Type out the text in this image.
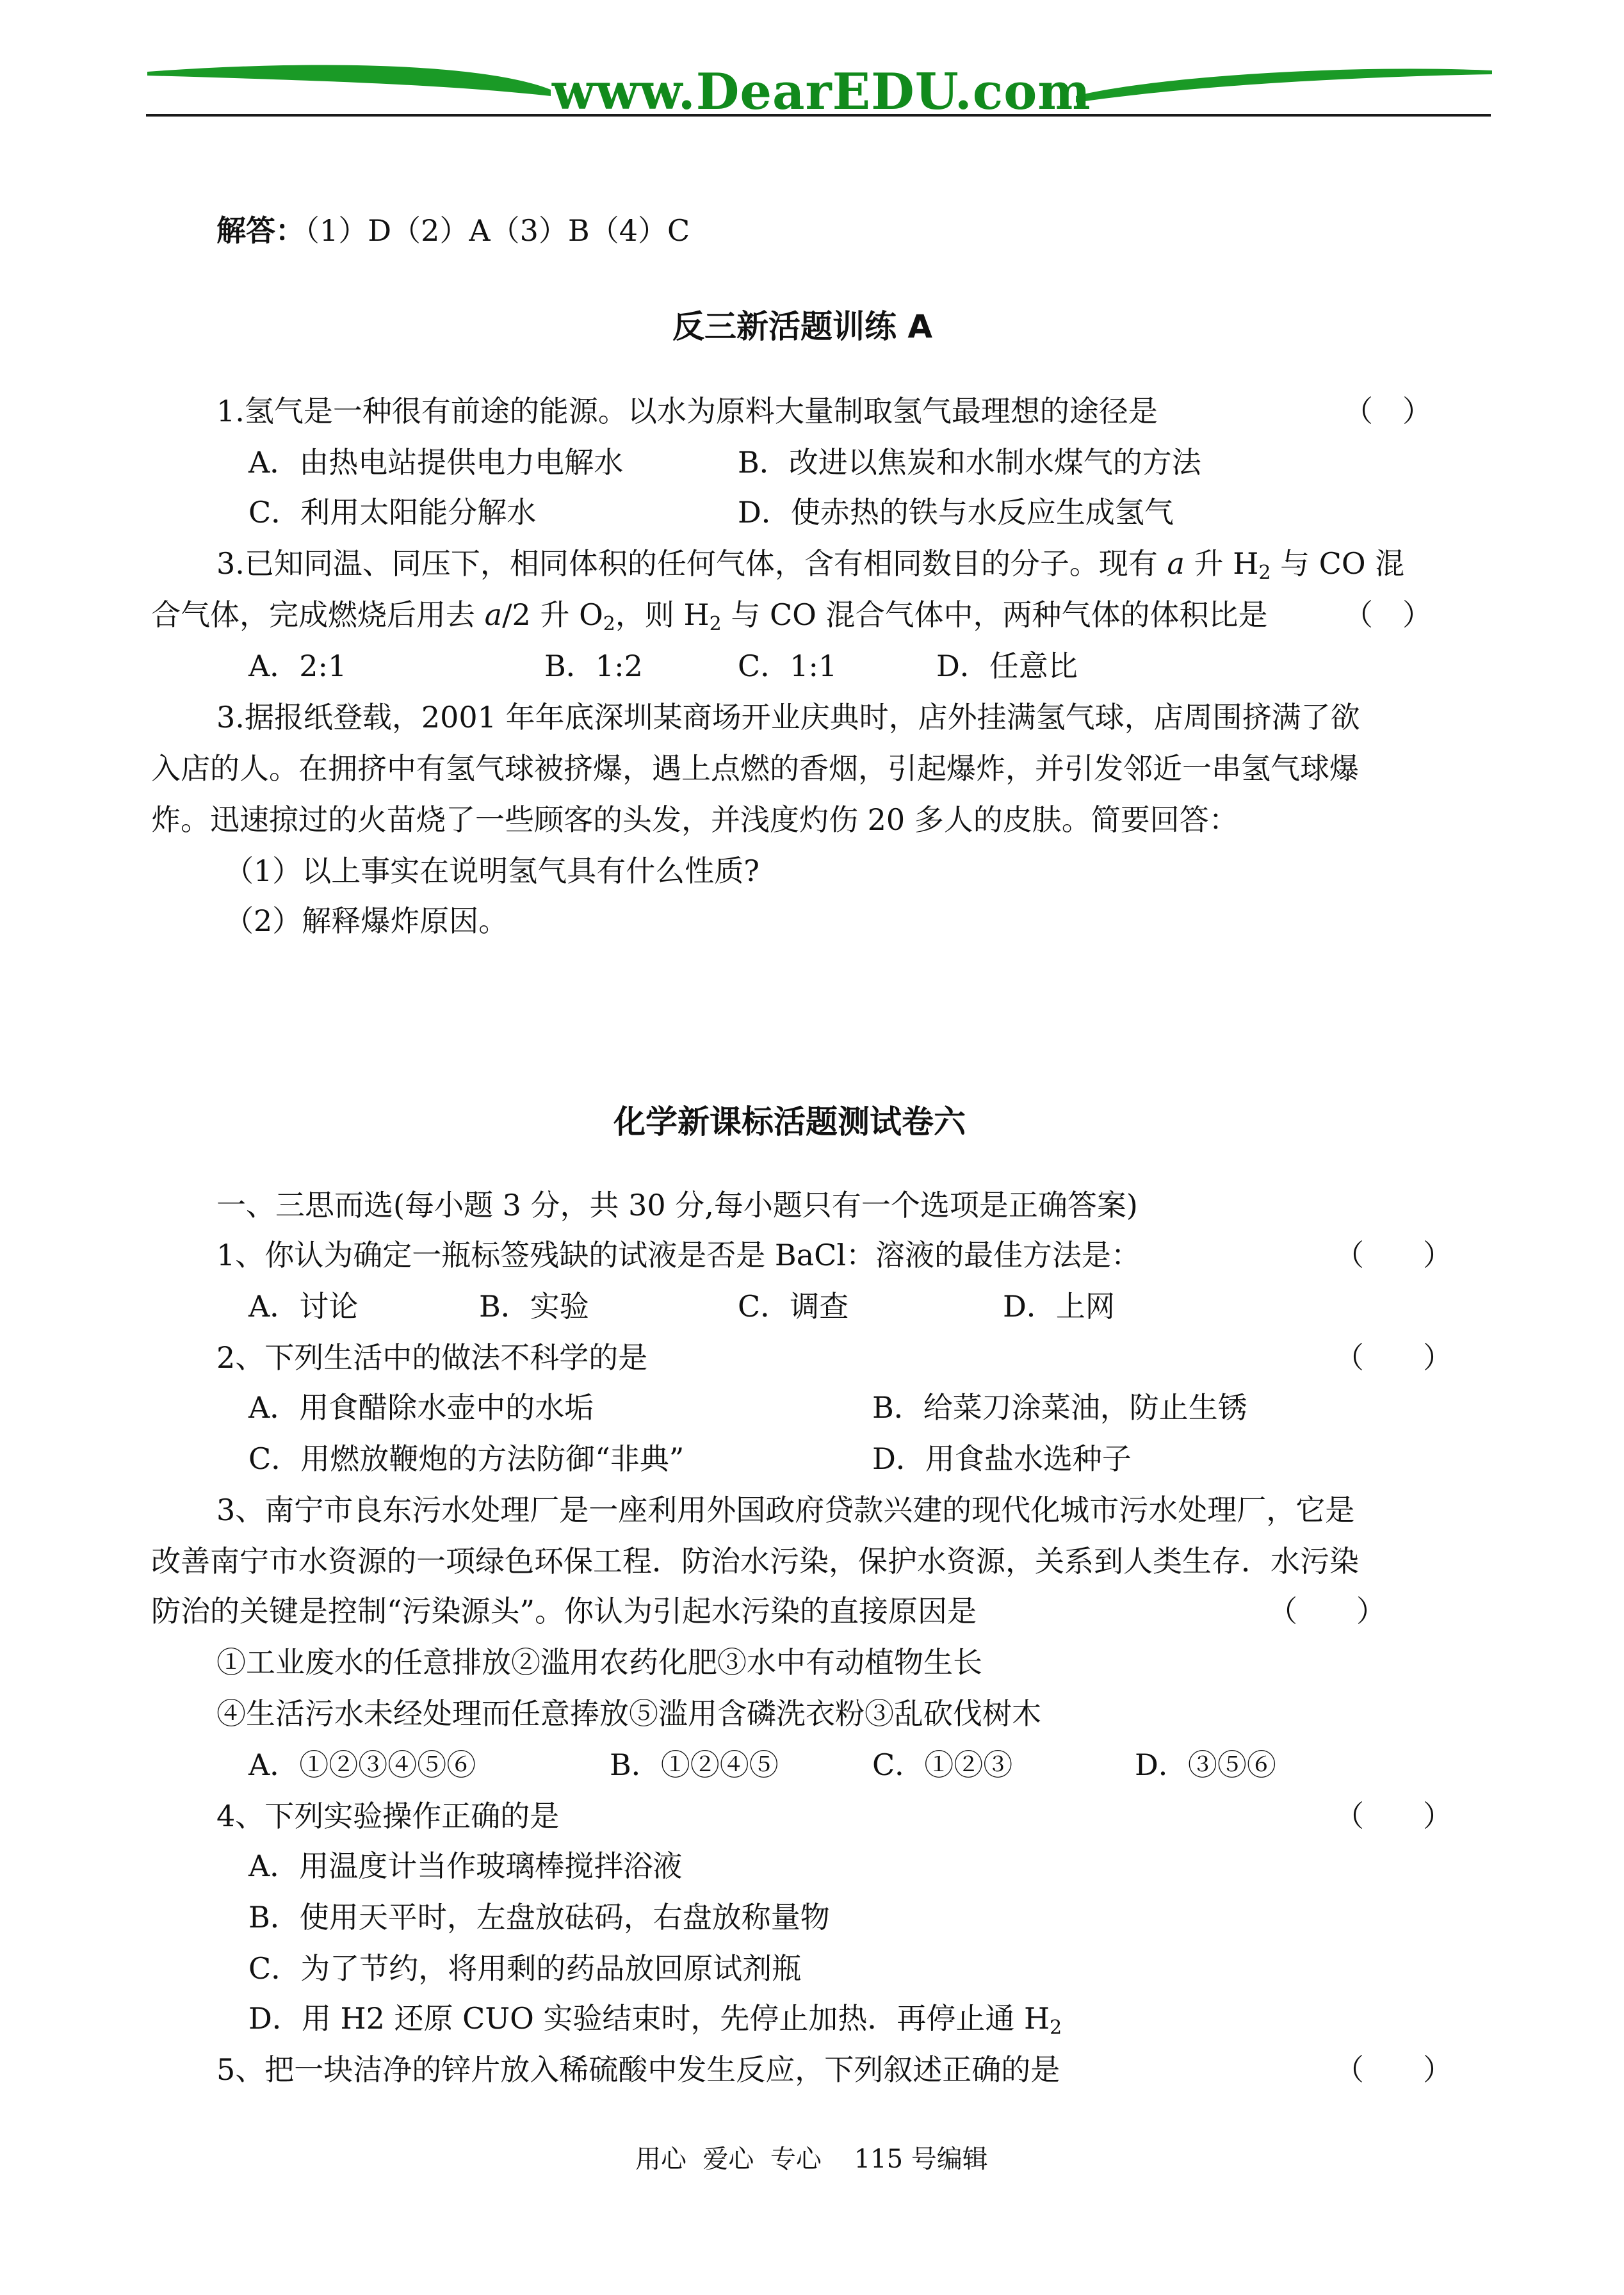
www.DearEDU.com
解答：（1）D（2）A（3）B（4）C
反三新活题训练 A
1.氢气是一种很有前途的能源。以水为原料大量制取氢气最理想的途径是	（　）
A．由热电站提供电力电解水	B．改进以焦炭和水制水煤气的方法
C．利用太阳能分解水	D．使赤热的铁与水反应生成氢气
3.已知同温、同压下，相同体积的任何气体，含有相同数目的分子。现有 a 升 $H_2$ 与 CO 混
合气体，完成燃烧后用去 a/2 升 $O_2$，则 $H_2$ 与 CO 混合气体中，两种气体的体积比是	（　）
A．2:1	B．1:2	C．1:1	D．任意比
3.据报纸登载，2001 年年底深圳某商场开业庆典时，店外挂满氢气球，店周围挤满了欲
入店的人。在拥挤中有氢气球被挤爆，遇上点燃的香烟，引起爆炸，并引发邻近一串氢气球爆
炸。迅速掠过的火苗烧了一些顾客的头发，并浅度灼伤 20 多人的皮肤。简要回答：
（1）以上事实在说明氢气具有什么性质?
（2）解释爆炸原因。
化学新课标活题测试卷六
一、三思而选(每小题 3 分，共 30 分,每小题只有一个选项是正确答案)
1、你认为确定一瓶标签残缺的试液是否是 BaCl：溶液的最佳方法是：	（　　）
A．讨论	B．实验	C．调查	D．上网
2、下列生活中的做法不科学的是	（　　）
A．用食醋除水壶中的水垢	B．给菜刀涂菜油，防止生锈
C．用燃放鞭炮的方法防御“非典”	D．用食盐水选种子
3、南宁市良东污水处理厂是一座利用外国政府贷款兴建的现代化城市污水处理厂，它是
改善南宁市水资源的一项绿色环保工程．防治水污染，保护水资源，关系到人类生存．水污染
防治的关键是控制“污染源头”。你认为引起水污染的直接原因是	（　　）
①工业废水的任意排放②滥用农药化肥③水中有动植物生长
④生活污水未经处理而任意捧放⑤滥用含磷洗衣粉③乱砍伐树木
A．①②③④⑤⑥	B．①②④⑤	C．①②③	D．③⑤⑥
4、下列实验操作正确的是	（　　）
A．用温度计当作玻璃棒搅拌浴液
B．使用天平时，左盘放砝码，右盘放称量物
C．为了节约，将用剩的药品放回原试剂瓶
D．用 H2 还原 CUO 实验结束时，先停止加热．再停止通 $H_2$
5、把一块洁净的锌片放入稀硫酸中发生反应，下列叙述正确的是	（　　）
用心  爱心  专心    115 号编辑
